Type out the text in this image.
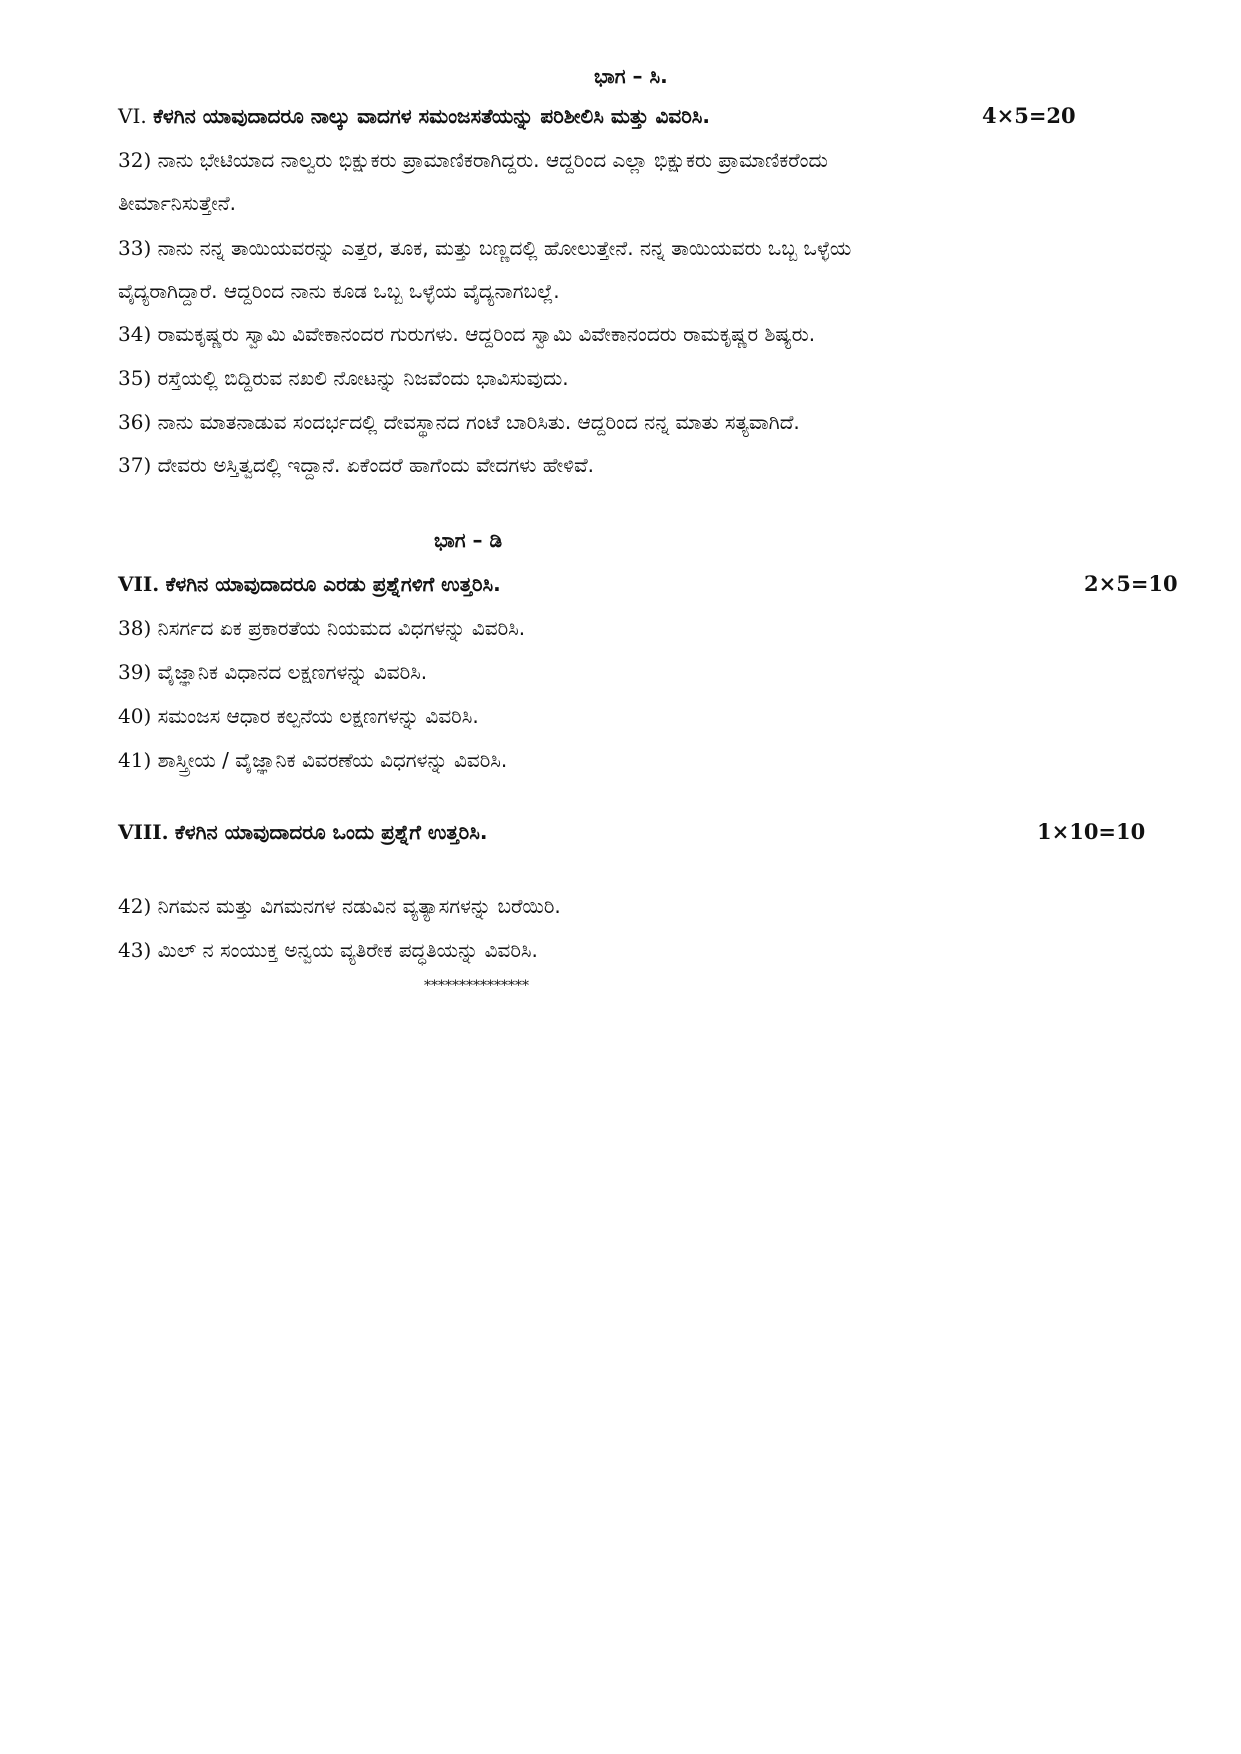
ಭಾಗ – ಸಿ.
VI. ಕೆಳಗಿನ ಯಾವುದಾದರೂ ನಾಲ್ಕು ವಾದಗಳ ಸಮಂಜಸತೆಯನ್ನು ಪರಿಶೀಲಿಸಿ ಮತ್ತು ವಿವರಿಸಿ.	4×5=20
32) ನಾನು ಭೇಟಿಯಾದ ನಾಲ್ವರು ಭಿಕ್ಷುಕರು ಪ್ರಾಮಾಣಿಕರಾಗಿದ್ದರು. ಆದ್ದರಿಂದ ಎಲ್ಲಾ ಭಿಕ್ಷುಕರು ಪ್ರಾಮಾಣಿಕರೆಂದು
ತೀರ್ಮಾನಿಸುತ್ತೇನೆ.
33) ನಾನು ನನ್ನ ತಾಯಿಯವರನ್ನು ಎತ್ತರ, ತೂಕ, ಮತ್ತು ಬಣ್ಣದಲ್ಲಿ ಹೋಲುತ್ತೇನೆ. ನನ್ನ ತಾಯಿಯವರು ಒಬ್ಬ ಒಳ್ಳೆಯ
ವೈದ್ಯರಾಗಿದ್ದಾರೆ. ಆದ್ದರಿಂದ ನಾನು ಕೂಡ ಒಬ್ಬ ಒಳ್ಳೆಯ ವೈದ್ಯನಾಗಬಲ್ಲೆ.
34) ರಾಮಕೃಷ್ಣರು ಸ್ವಾಮಿ ವಿವೇಕಾನಂದರ ಗುರುಗಳು. ಆದ್ದರಿಂದ ಸ್ವಾಮಿ ವಿವೇಕಾನಂದರು ರಾಮಕೃಷ್ಣರ ಶಿಷ್ಯರು.
35) ರಸ್ತೆಯಲ್ಲಿ ಬಿದ್ದಿರುವ ನಖಲಿ ನೋಟನ್ನು ನಿಜವೆಂದು ಭಾವಿಸುವುದು.
36) ನಾನು ಮಾತನಾಡುವ ಸಂದರ್ಭದಲ್ಲಿ ದೇವಸ್ಥಾನದ ಗಂಟೆ ಬಾರಿಸಿತು. ಆದ್ದರಿಂದ ನನ್ನ ಮಾತು ಸತ್ಯವಾಗಿದೆ.
37) ದೇವರು ಅಸ್ತಿತ್ವದಲ್ಲಿ ಇದ್ದಾನೆ. ಏಕೆಂದರೆ ಹಾಗೆಂದು ವೇದಗಳು ಹೇಳಿವೆ.
ಭಾಗ – ಡಿ
VII. ಕೆಳಗಿನ ಯಾವುದಾದರೂ ಎರಡು ಪ್ರಶ್ನೆಗಳಿಗೆ ಉತ್ತರಿಸಿ.	2×5=10
38) ನಿಸರ್ಗದ ಏಕ ಪ್ರಕಾರತೆಯ ನಿಯಮದ ವಿಧಗಳನ್ನು ವಿವರಿಸಿ.
39) ವೈಜ್ಞಾನಿಕ ವಿಧಾನದ ಲಕ್ಷಣಗಳನ್ನು ವಿವರಿಸಿ.
40) ಸಮಂಜಸ ಆಧಾರ ಕಲ್ಪನೆಯ ಲಕ್ಷಣಗಳನ್ನು ವಿವರಿಸಿ.
41) ಶಾಸ್ತ್ರೀಯ / ವೈಜ್ಞಾನಿಕ ವಿವರಣೆಯ ವಿಧಗಳನ್ನು ವಿವರಿಸಿ.
VIII. ಕೆಳಗಿನ ಯಾವುದಾದರೂ ಒಂದು ಪ್ರಶ್ನೆಗೆ ಉತ್ತರಿಸಿ.	1×10=10
42) ನಿಗಮನ ಮತ್ತು ವಿಗಮನಗಳ ನಡುವಿನ ವ್ಯತ್ಯಾಸಗಳನ್ನು ಬರೆಯಿರಿ.
43) ಮಿಲ್ ನ ಸಂಯುಕ್ತ ಅನ್ವಯ ವ್ಯತಿರೇಕ ಪದ್ಧತಿಯನ್ನು ವಿವರಿಸಿ.
***************
